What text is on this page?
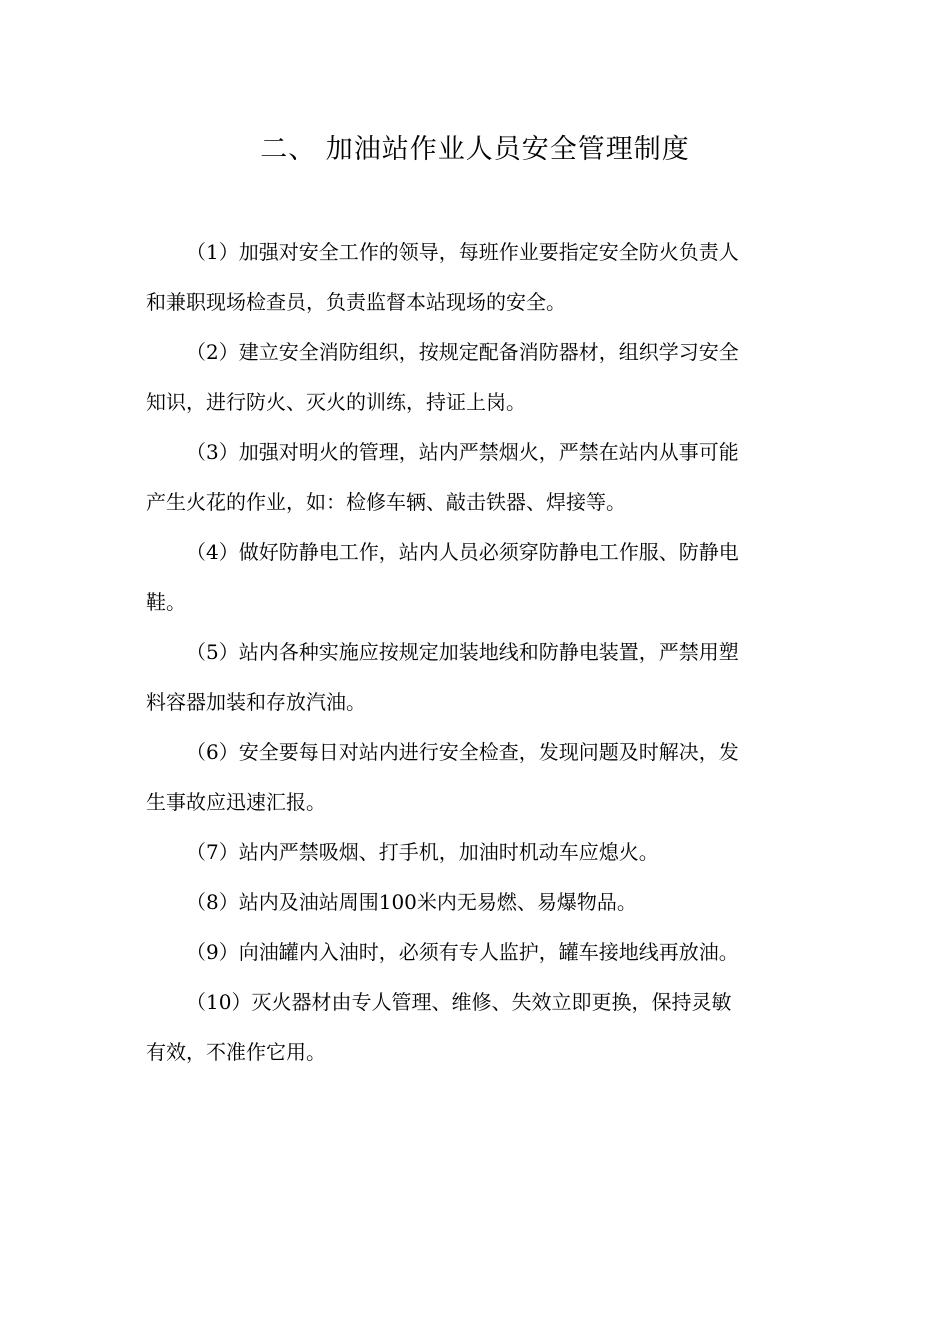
二、 加油站作业人员安全管理制度
（1）加强对安全工作的领导，每班作业要指定安全防火负责人
和兼职现场检查员，负责监督本站现场的安全。
（2）建立安全消防组织，按规定配备消防器材，组织学习安全
知识，进行防火、灭火的训练，持证上岗。
（3）加强对明火的管理，站内严禁烟火，严禁在站内从事可能
产生火花的作业，如：检修车辆、敲击铁器、焊接等。
（4）做好防静电工作，站内人员必须穿防静电工作服、防静电
鞋。
（5）站内各种实施应按规定加装地线和防静电装置，严禁用塑
料容器加装和存放汽油。
（6）安全要每日对站内进行安全检查，发现问题及时解决，发
生事故应迅速汇报。
（7）站内严禁吸烟、打手机，加油时机动车应熄火。
（8）站内及油站周围100米内无易燃、易爆物品。
（9）向油罐内入油时，必须有专人监护，罐车接地线再放油。
（10）灭火器材由专人管理、维修、失效立即更换，保持灵敏
有效，不准作它用。
